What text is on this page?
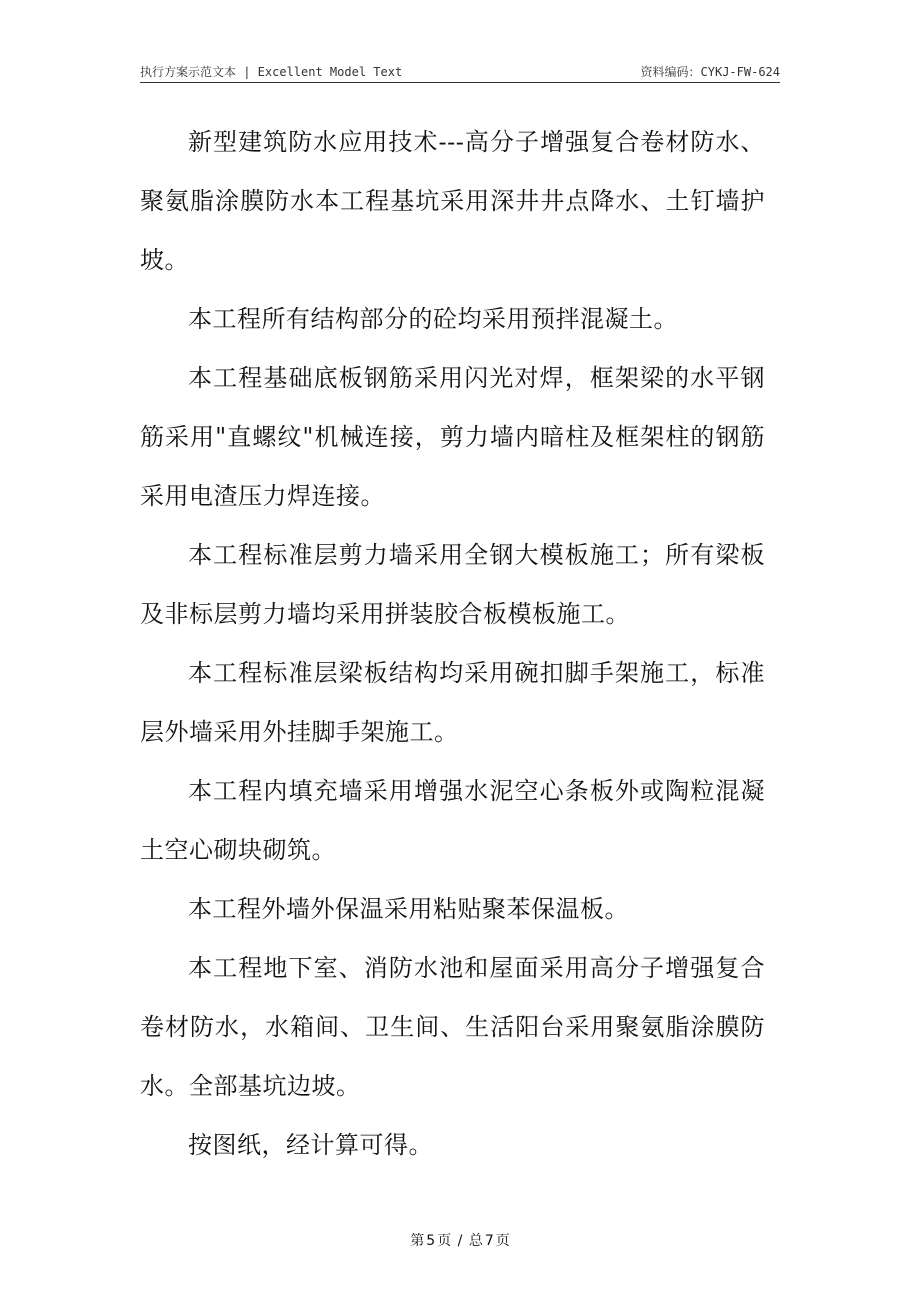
执行方案示范文本 | Excellent Model Text	资料编码：CYKJ-FW-624

新型建筑防水应用技术---高分子增强复合卷材防水、聚氨脂涂膜防水本工程基坑采用深井井点降水、土钉墙护坡。

本工程所有结构部分的砼均采用预拌混凝土。

本工程基础底板钢筋采用闪光对焊，框架梁的水平钢筋采用"直螺纹"机械连接，剪力墙内暗柱及框架柱的钢筋采用电渣压力焊连接。

本工程标准层剪力墙采用全钢大模板施工；所有梁板及非标层剪力墙均采用拼装胶合板模板施工。

本工程标准层梁板结构均采用碗扣脚手架施工，标准层外墙采用外挂脚手架施工。

本工程内填充墙采用增强水泥空心条板外或陶粒混凝土空心砌块砌筑。

本工程外墙外保温采用粘贴聚苯保温板。

本工程地下室、消防水池和屋面采用高分子增强复合卷材防水，水箱间、卫生间、生活阳台采用聚氨脂涂膜防水。全部基坑边坡。

按图纸，经计算可得。

第 5 页 / 总 7 页
